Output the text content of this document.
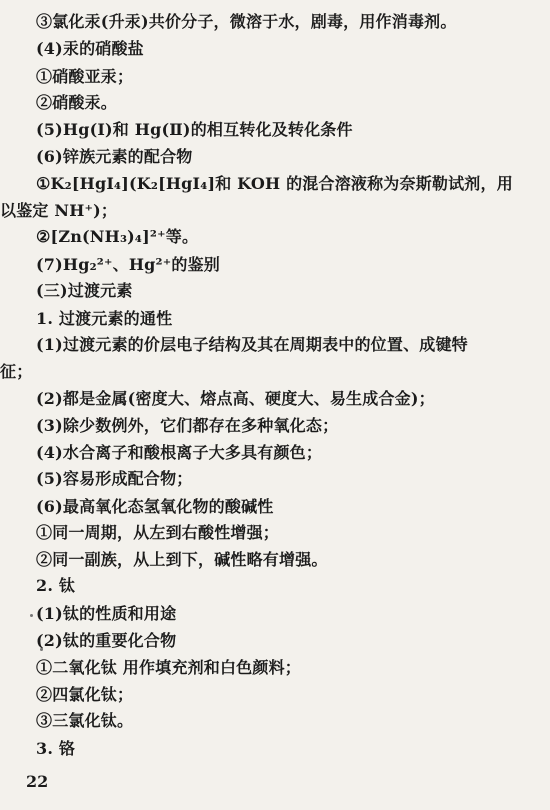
③氯化汞(升汞)共价分子，微溶于水，剧毒，用作消毒剂。
(4)汞的硝酸盐
①硝酸亚汞；
②硝酸汞。
(5)Hg(Ⅰ)和 Hg(Ⅱ)的相互转化及转化条件
(6)锌族元素的配合物
①K₂[HgI₄](K₂[HgI₄]和 KOH 的混合溶液称为奈斯勒试剂，用
以鉴定 NH⁺)；
②[Zn(NH₃)₄]²⁺等。
(7)Hg₂²⁺、Hg²⁺的鉴别
(三)过渡元素
1. 过渡元素的通性
(1)过渡元素的价层电子结构及其在周期表中的位置、成键特
征；
(2)都是金属(密度大、熔点高、硬度大、易生成合金)；
(3)除少数例外，它们都存在多种氧化态；
(4)水合离子和酸根离子大多具有颜色；
(5)容易形成配合物；
(6)最高氧化态氢氧化物的酸碱性
①同一周期，从左到右酸性增强；
②同一副族，从上到下，碱性略有增强。
2. 钛
(1)钛的性质和用途
(2)钛的重要化合物
①二氧化钛 用作填充剂和白色颜料；
②四氯化钛；
③三氯化钛。
3. 铬
22
